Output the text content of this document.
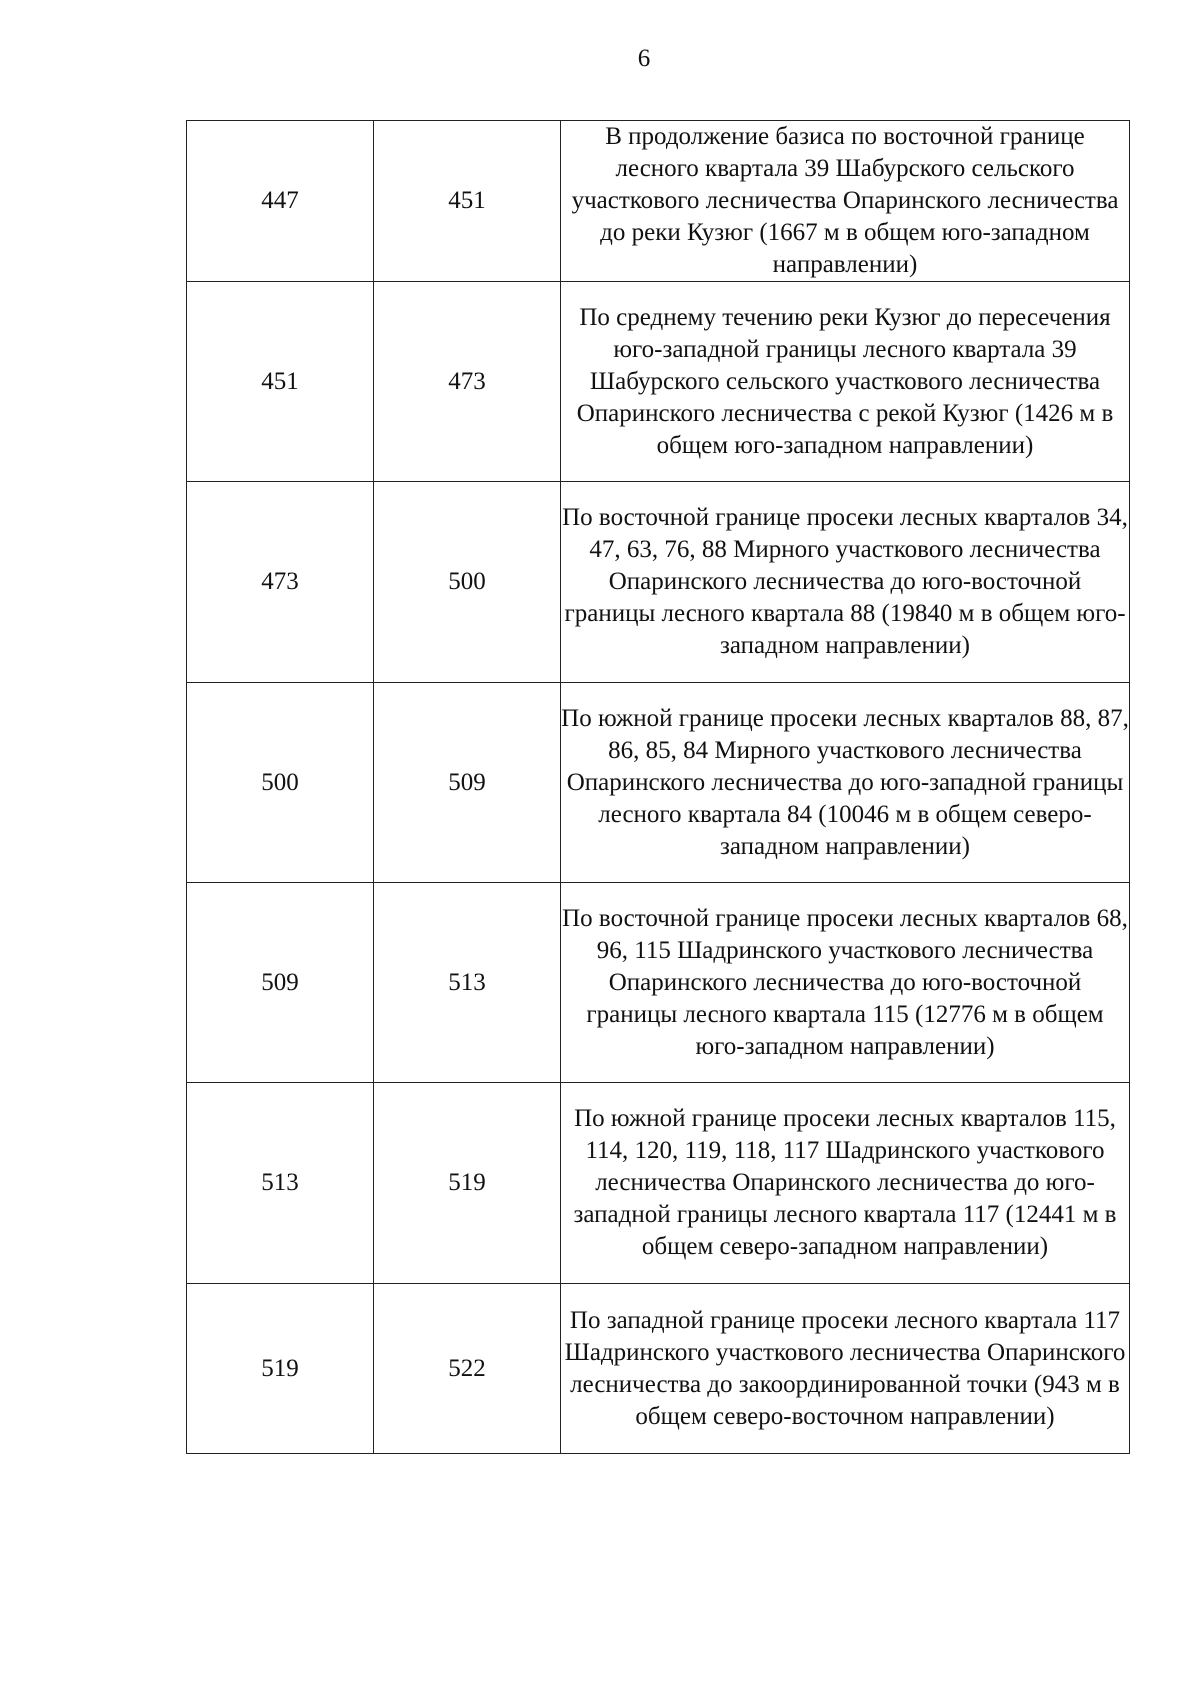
6
447	451	В продолжение базиса по восточной границе лесного квартала 39 Шабурского сельского участкового лесничества Опаринского лесничества до реки Кузюг (1667 м в общем юго-западном направлении)
451	473	По среднему течению реки Кузюг до пересечения юго-западной границы лесного квартала 39 Шабурского сельского участкового лесничества Опаринского лесничества с рекой Кузюг (1426 м в общем юго-западном направлении)
473	500	По восточной границе просеки лесных кварталов 34, 47, 63, 76, 88 Мирного участкового лесничества Опаринского лесничества до юго-восточной границы лесного квартала 88 (19840 м в общем юго-западном направлении)
500	509	По южной границе просеки лесных кварталов 88, 87, 86, 85, 84 Мирного участкового лесничества Опаринского лесничества до юго-западной границы лесного квартала 84 (10046 м в общем северо-западном направлении)
509	513	По восточной границе просеки лесных кварталов 68, 96, 115 Шадринского участкового лесничества Опаринского лесничества до юго-восточной границы лесного квартала 115 (12776 м в общем юго-западном направлении)
513	519	По южной границе просеки лесных кварталов 115, 114, 120, 119, 118, 117 Шадринского участкового лесничества Опаринского лесничества до юго-западной границы лесного квартала 117 (12441 м в общем северо-западном направлении)
519	522	По западной границе просеки лесного квартала 117 Шадринского участкового лесничества Опаринского лесничества до закоординированной точки (943 м в общем северо-восточном направлении)
